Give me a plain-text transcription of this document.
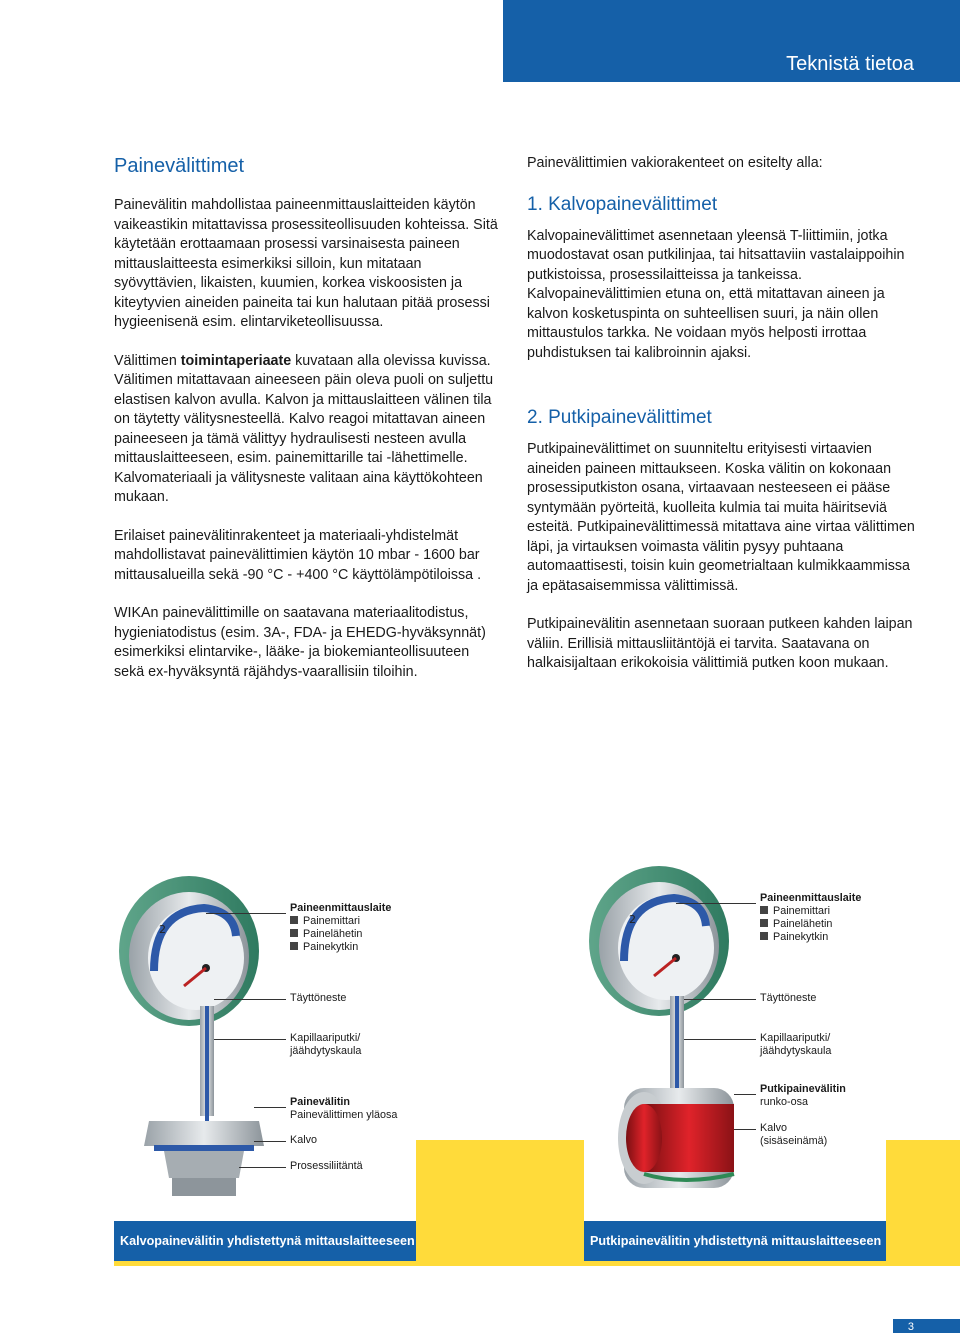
Teknistä tietoa
Painevälittimet
Painevälitin mahdollistaa paineenmittauslaitteiden käytön vaikeastikin mitattavissa prosessiteollisuuden kohteissa. Sitä käytetään erottaamaan prosessi varsinaisesta paineen mittauslaitteesta esimerkiksi silloin, kun mitataan syövyttävien, likaisten, kuumien, korkea viskoosisten ja kiteytyvien aineiden paineita tai kun halutaan pitää prosessi hygieenisenä esim. elintarviketeollisuussa.
Välittimen toimintaperiaate kuvataan alla olevissa kuvissa. Välitimen mitattavaan aineeseen päin oleva puoli on suljettu elastisen kalvon avulla. Kalvon ja mittauslaitteen välinen tila on täytetty välitysnesteellä. Kalvo reagoi mitattavan aineen paineeseen ja tämä välittyy hydraulisesti nesteen avulla mittauslaitteeseen, esim. painemittarille tai -lähettimelle. Kalvomateriaali ja välitysneste valitaan aina käyttökohteen mukaan.
Erilaiset painevälitinrakenteet ja materiaali-yhdistelmät mahdollistavat painevälittimien käytön 10 mbar - 1600 bar mittausalueilla sekä -90 °C - +400 °C käyttölämpötiloissa .
WIKAn painevälittimille on saatavana materiaalitodistus, hygieniatodistus (esim. 3A-, FDA- ja EHEDG-hyväksynnät) esimerkiksi elintarvike-, lääke- ja biokemianteollisuuteen sekä ex-hyväksyntä räjähdys-vaarallisiin tiloihin.
Painevälittimien vakiorakenteet on esitelty alla:
1. Kalvopainevälittimet
Kalvopainevälittimet asennetaan yleensä T-liittimiin, jotka muodostavat osan putkilinjaa, tai hitsattaviin vastalaippoihin putkistoissa, prosessilaitteissa ja tankeissa. Kalvopainevälittimien etuna on, että mitattavan aineen ja kalvon kosketuspinta on suhteellisen suuri, ja näin ollen mittaustulos tarkka. Ne voidaan myös helposti irrottaa puhdistuksen tai kalibroinnin ajaksi.
2. Putkipainevälittimet
Putkipainevälittimet on suunniteltu erityisesti virtaavien aineiden paineen mittaukseen. Koska välitin on kokonaan prosessiputkiston osana, virtaavaan nesteeseen ei pääse syntymään pyörteitä, kuolleita kulmia tai muita häiritseviä esteitä. Putkipainevälittimessä mitattava aine virtaa välittimen läpi, ja virtauksen voimasta välitin pysyy puhtaana automaattisesti, toisin kuin geometrialtaan kulmikkaammissa ja epätasaisemmissa välittimissä.
Putkipainevälitin asennetaan suoraan putkeen kahden laipan väliin. Erillisiä mittausliitäntöjä ei tarvita. Saatavana on halkaisijaltaan erikokoisia välittimiä putken koon mukaan.
2
Paineenmittauslaite
Painemittari
Painelähetin
Painekytkin
Täyttöneste
Kapillaariputki/
jäähdytyskaula
Painevälitin
Painevälittimen yläosa
Kalvo
Prosessiliitäntä
Kalvopainevälitin yhdistettynä mittauslaitteeseen
2
Paineenmittauslaite
Painemittari
Painelähetin
Painekytkin
Täyttöneste
Kapillaariputki/
jäähdytyskaula
Putkipainevälitin
runko-osa
Kalvo
(sisäseinämä)
Putkipainevälitin yhdistettynä mittauslaitteeseen
3
